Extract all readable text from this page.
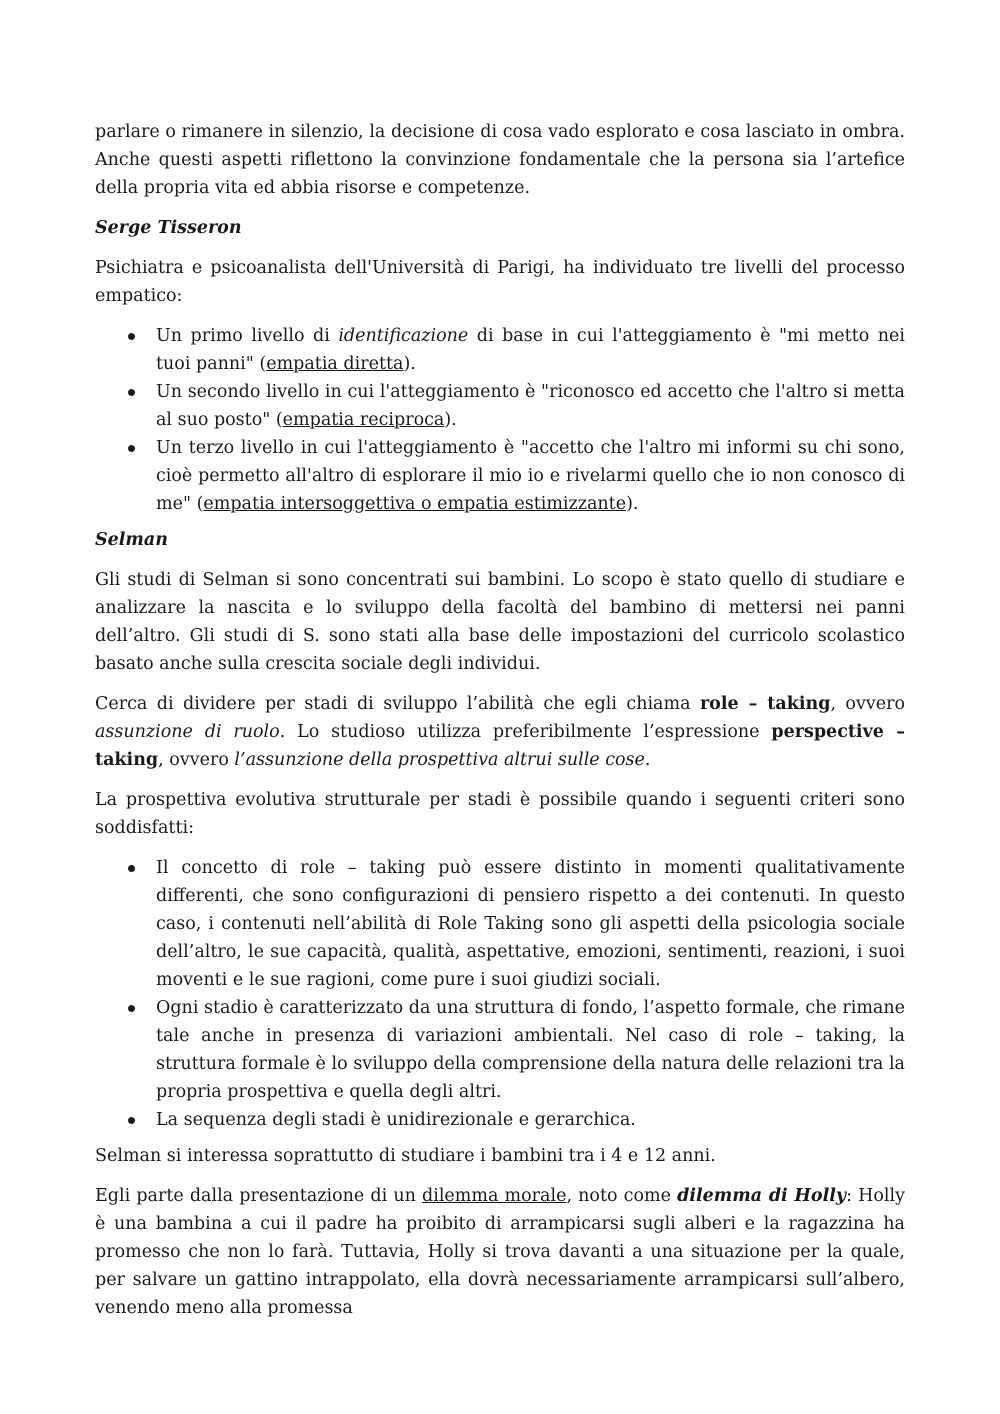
parlare o rimanere in silenzio, la decisione di cosa vado esplorato e cosa lasciato in ombra. Anche questi aspetti riflettono la convinzione fondamentale che la persona sia l’artefice della propria vita ed abbia risorse e competenze.

Serge Tisseron

Psichiatra e psicoanalista dell'Università di Parigi, ha individuato tre livelli del processo empatico:

Un primo livello di identificazione di base in cui l'atteggiamento è "mi metto nei tuoi panni" (empatia diretta).
Un secondo livello in cui l'atteggiamento è "riconosco ed accetto che l'altro si metta al suo posto" (empatia reciproca).
Un terzo livello in cui l'atteggiamento è "accetto che l'altro mi informi su chi sono, cioè permetto all'altro di esplorare il mio io e rivelarmi quello che io non conosco di me" (empatia intersoggettiva o empatia estimizzante).
Selman

Gli studi di Selman si sono concentrati sui bambini. Lo scopo è stato quello di studiare e analizzare la nascita e lo sviluppo della facoltà del bambino di mettersi nei panni dell’altro. Gli studi di S. sono stati alla base delle impostazioni del curricolo scolastico basato anche sulla crescita sociale degli individui.

Cerca di dividere per stadi di sviluppo l’abilità che egli chiama role – taking, ovvero assunzione di ruolo. Lo studioso utilizza preferibilmente l’espressione perspective – taking, ovvero l’assunzione della prospettiva altrui sulle cose.

La prospettiva evolutiva strutturale per stadi è possibile quando i seguenti criteri sono soddisfatti:

Il concetto di role – taking può essere distinto in momenti qualitativamente differenti, che sono configurazioni di pensiero rispetto a dei contenuti. In questo caso, i contenuti nell’abilità di Role Taking sono gli aspetti della psicologia sociale dell’altro, le sue capacità, qualità, aspettative, emozioni, sentimenti, reazioni, i suoi moventi e le sue ragioni, come pure i suoi giudizi sociali.
Ogni stadio è caratterizzato da una struttura di fondo, l’aspetto formale, che rimane tale anche in presenza di variazioni ambientali. Nel caso di role – taking, la struttura formale è lo sviluppo della comprensione della natura delle relazioni tra la propria prospettiva e quella degli altri.
La sequenza degli stadi è unidirezionale e gerarchica.

Selman si interessa soprattutto di studiare i bambini tra i 4 e 12 anni.

Egli parte dalla presentazione di un dilemma morale, noto come dilemma di Holly: Holly è una bambina a cui il padre ha proibito di arrampicarsi sugli alberi e la ragazzina ha promesso che non lo farà. Tuttavia, Holly si trova davanti a una situazione per la quale, per salvare un gattino intrappolato, ella dovrà necessariamente arrampicarsi sull’albero, venendo meno alla promessa
